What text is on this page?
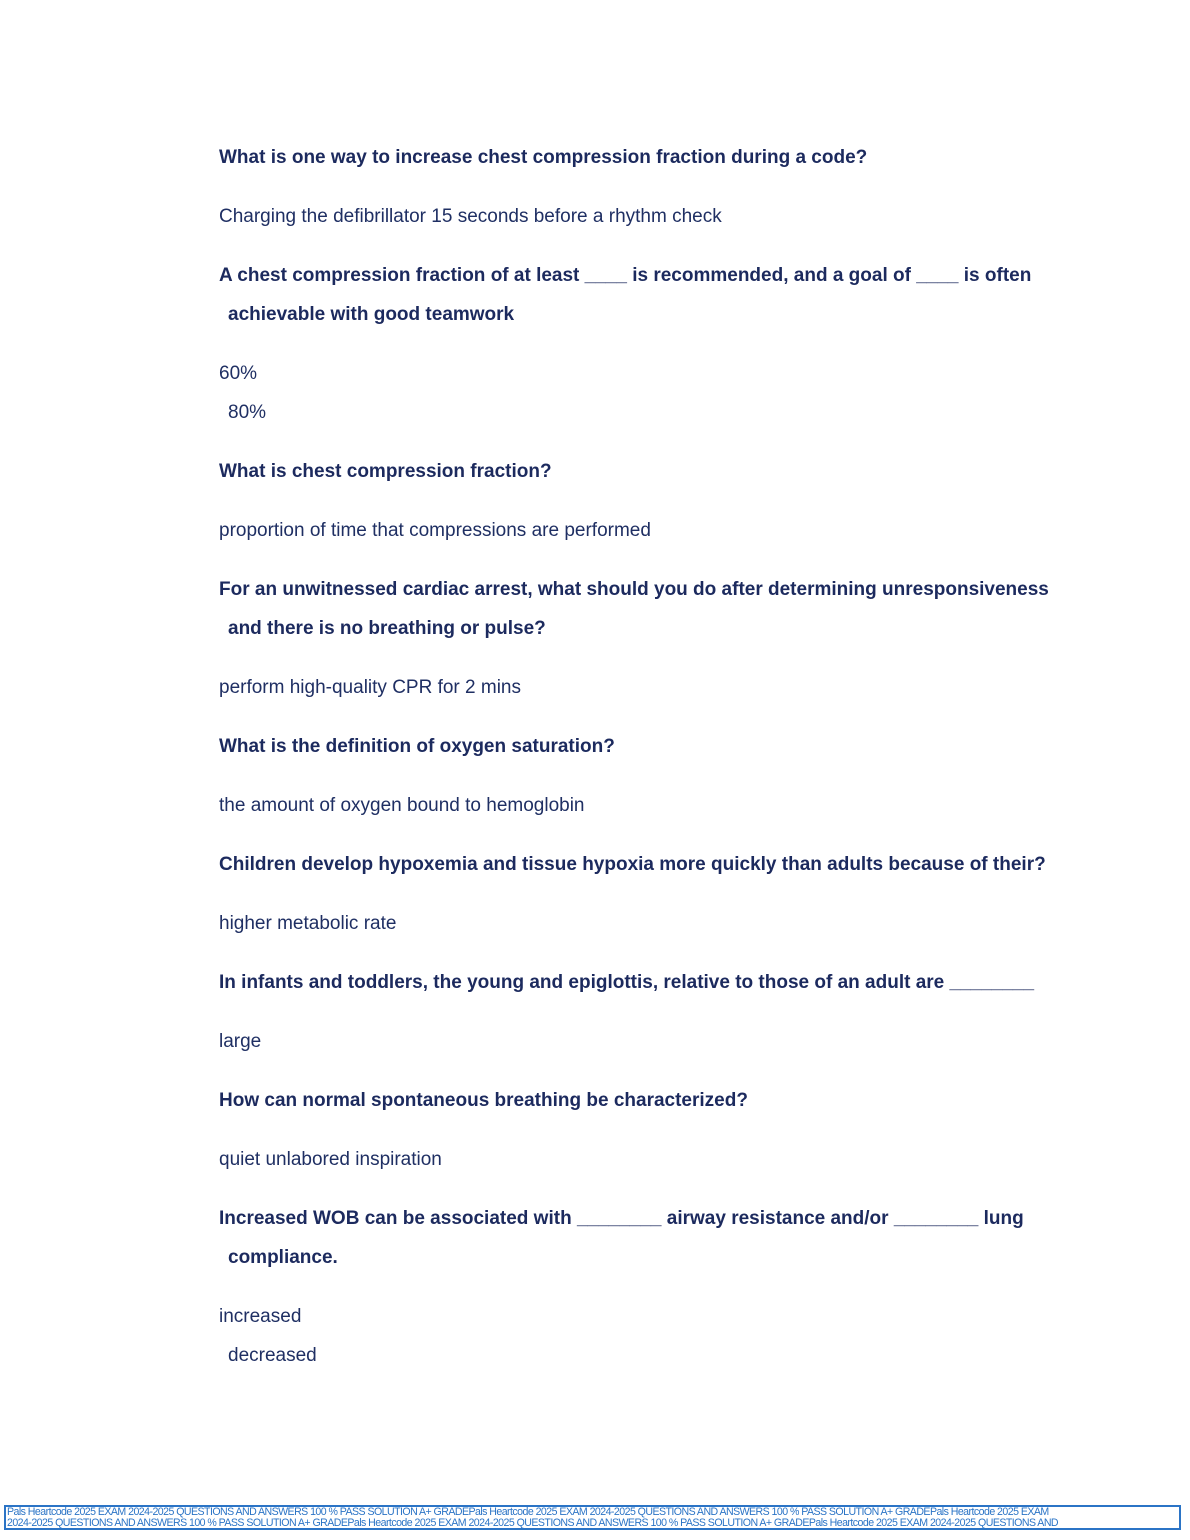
What is one way to increase chest compression fraction during a code?

Charging the defibrillator 15 seconds before a rhythm check

A chest compression fraction of at least ____ is recommended, and a goal of ____ is often
achievable with good teamwork

60%
80%

What is chest compression fraction?

proportion of time that compressions are performed

For an unwitnessed cardiac arrest, what should you do after determining unresponsiveness
and there is no breathing or pulse?

perform high-quality CPR for 2 mins

What is the definition of oxygen saturation?

the amount of oxygen bound to hemoglobin

Children develop hypoxemia and tissue hypoxia more quickly than adults because of their?

higher metabolic rate

In infants and toddlers, the young and epiglottis, relative to those of an adult are ________

large

How can normal spontaneous breathing be characterized?

quiet unlabored inspiration

Increased WOB can be associated with ________ airway resistance and/or ________ lung
compliance.

increased
decreased

Pals Heartcode 2025 EXAM 2024-2025 QUESTIONS AND ANSWERS 100 % PASS SOLUTION A+ GRADEPals Heartcode 2025 EXAM 2024-2025 QUESTIONS AND ANSWERS 100 % PASS SOLUTION A+ GRADEPals Heartcode 2025 EXAM
2024-2025 QUESTIONS AND ANSWERS 100 % PASS SOLUTION A+ GRADEPals Heartcode 2025 EXAM 2024-2025 QUESTIONS AND ANSWERS 100 % PASS SOLUTION A+ GRADEPals Heartcode 2025 EXAM 2024-2025 QUESTIONS AND
